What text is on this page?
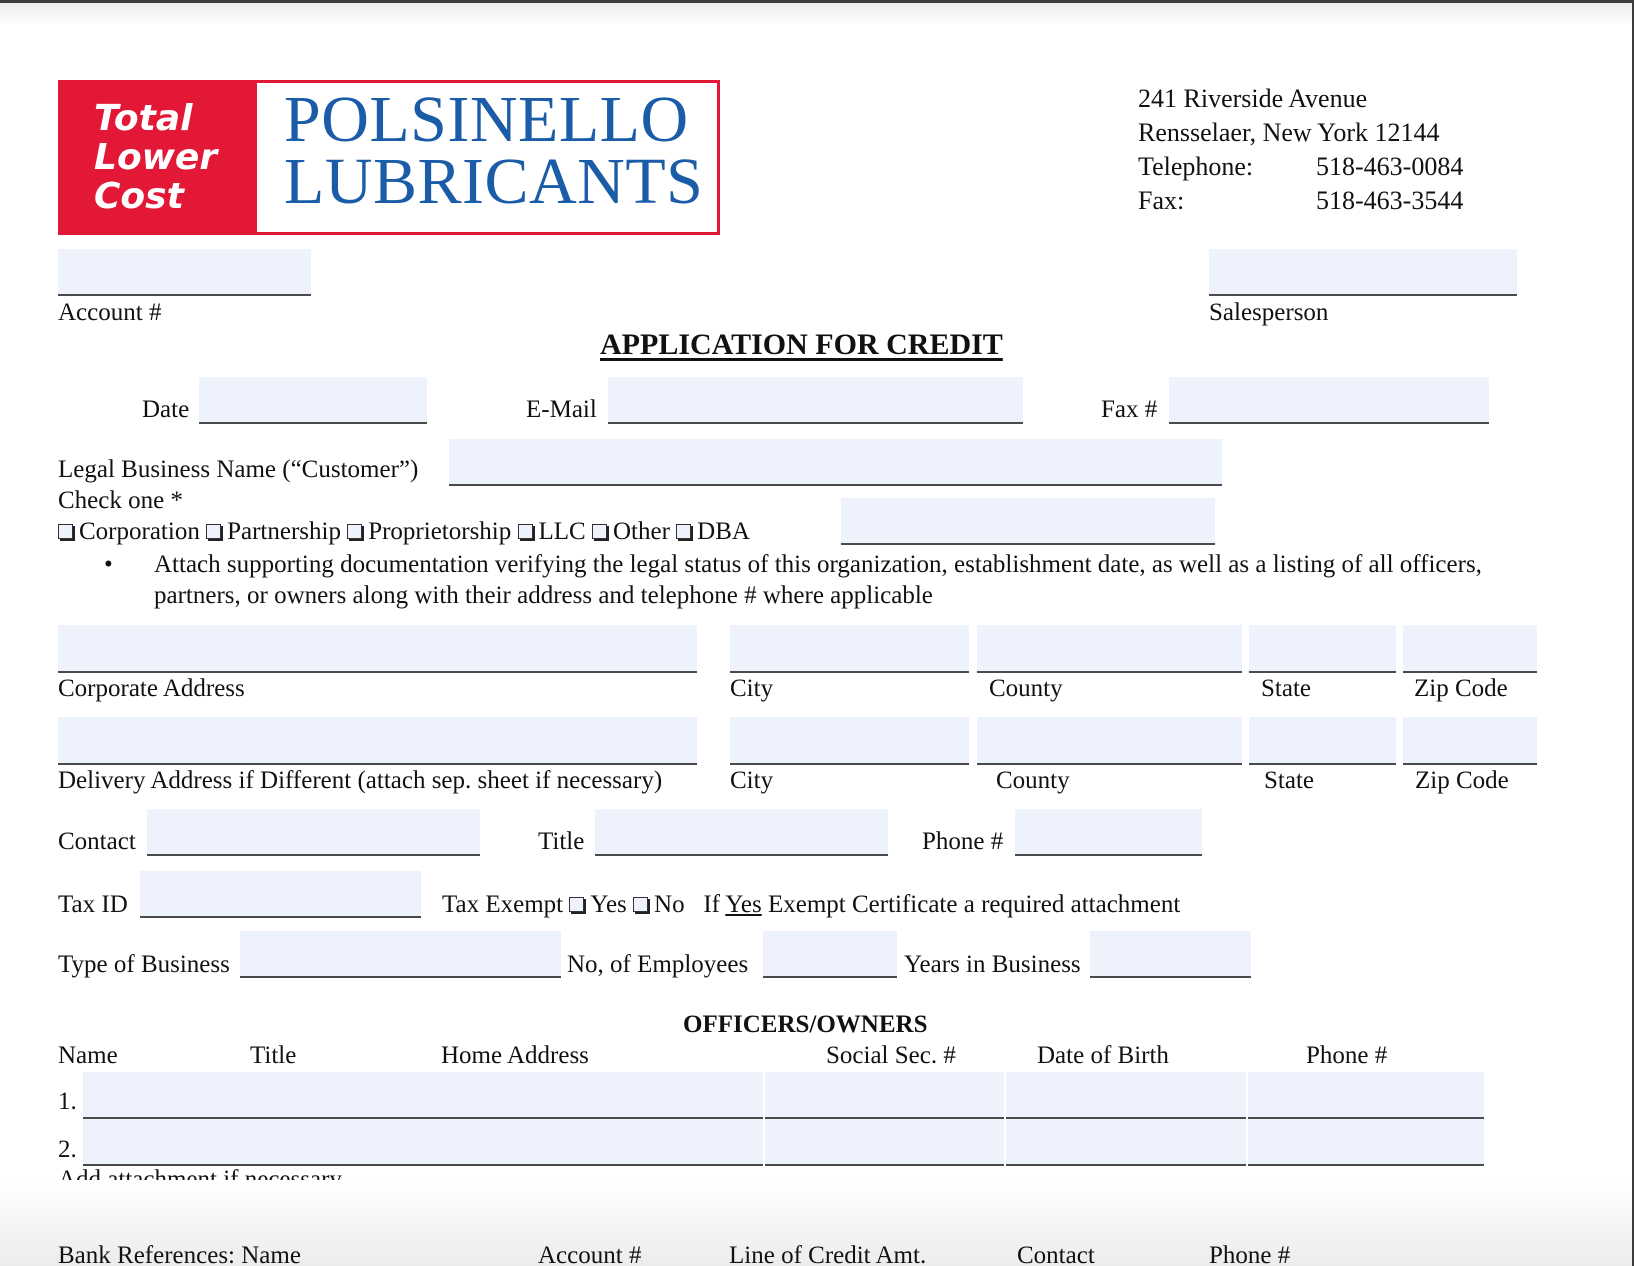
Total
Lower
Cost
POLSINELLO
LUBRICANTS
241 Riverside Avenue
Rensselaer, New York 12144
Telephone:	518-463-0084
Fax:	518-463-3544
Account #	Salesperson
APPLICATION FOR CREDIT
Date	E-Mail	Fax #
Legal Business Name (“Customer”)
Check one *
Corporation Partnership Proprietorship LLC Other DBA
• Attach supporting documentation verifying the legal status of this organization, establishment date, as well as a listing of all officers,
partners, or owners along with their address and telephone # where applicable
Corporate Address	City	County	State	Zip Code
Delivery Address if Different (attach sep. sheet if necessary)	City	County	State	Zip Code
Contact	Title	Phone #
Tax ID	Tax Exempt Yes No If Yes Exempt Certificate a required attachment
Type of Business	No, of Employees	Years in Business
OFFICERS/OWNERS
Name	Title	Home Address	Social Sec. #	Date of Birth	Phone #
1.
2.
Bank References: Name	Account #	Line of Credit Amt.	Contact	Phone #
